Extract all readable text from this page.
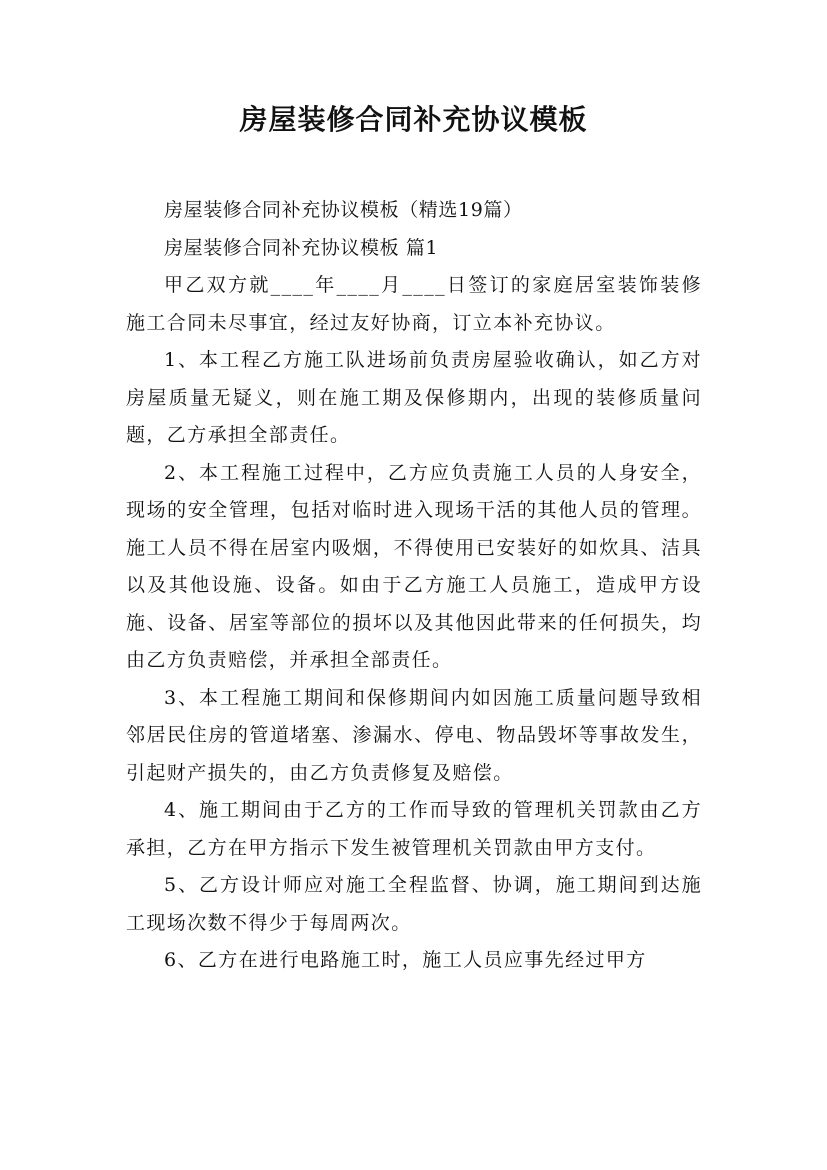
房屋装修合同补充协议模板

房屋装修合同补充协议模板（精选19篇）

房屋装修合同补充协议模板 篇1

甲乙双方就____年____月____日签订的家庭居室装饰装修施工合同未尽事宜，经过友好协商，订立本补充协议。

1、本工程乙方施工队进场前负责房屋验收确认，如乙方对房屋质量无疑义，则在施工期及保修期内，出现的装修质量问题，乙方承担全部责任。

2、本工程施工过程中，乙方应负责施工人员的人身安全，现场的安全管理，包括对临时进入现场干活的其他人员的管理。施工人员不得在居室内吸烟，不得使用已安装好的如炊具、洁具以及其他设施、设备。如由于乙方施工人员施工，造成甲方设施、设备、居室等部位的损坏以及其他因此带来的任何损失，均由乙方负责赔偿，并承担全部责任。

3、本工程施工期间和保修期间内如因施工质量问题导致相邻居民住房的管道堵塞、渗漏水、停电、物品毁坏等事故发生，引起财产损失的，由乙方负责修复及赔偿。

4、施工期间由于乙方的工作而导致的管理机关罚款由乙方承担，乙方在甲方指示下发生被管理机关罚款由甲方支付。

5、乙方设计师应对施工全程监督、协调，施工期间到达施工现场次数不得少于每周两次。

6、乙方在进行电路施工时，施工人员应事先经过甲方
